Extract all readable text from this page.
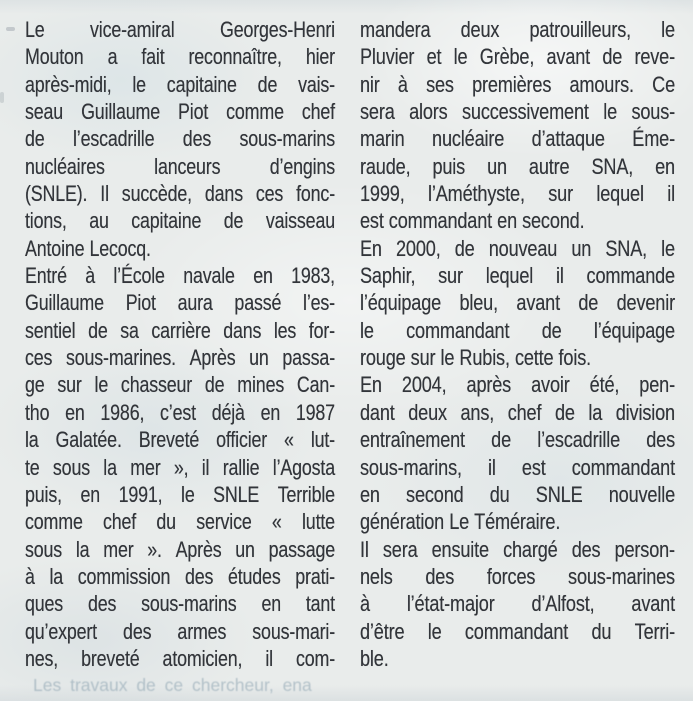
Le vice-amiral Georges-Henri
Mouton a fait reconnaître, hier
après-midi, le capitaine de vais-
seau Guillaume Piot comme chef
de l’escadrille des sous-marins
nucléaires lanceurs d’engins
(SNLE). Il succède, dans ces fonc-
tions, au capitaine de vaisseau
Antoine Lecocq.
Entré à l’École navale en 1983,
Guillaume Piot aura passé l’es-
sentiel de sa carrière dans les for-
ces sous-marines. Après un passa-
ge sur le chasseur de mines Can-
tho en 1986, c’est déjà en 1987
la Galatée. Breveté officier « lut-
te sous la mer », il rallie l’Agosta
puis, en 1991, le SNLE Terrible
comme chef du service « lutte
sous la mer ». Après un passage
à la commission des études prati-
ques des sous-marins en tant
qu’expert des armes sous-mari-
nes, breveté atomicien, il com-
mandera deux patrouilleurs, le
Pluvier et le Grèbe, avant de reve-
nir à ses premières amours. Ce
sera alors successivement le sous-
marin nucléaire d’attaque Éme-
raude, puis un autre SNA, en
1999, l’Améthyste, sur lequel il
est commandant en second.
En 2000, de nouveau un SNA, le
Saphir, sur lequel il commande
l’équipage bleu, avant de devenir
le commandant de l’équipage
rouge sur le Rubis, cette fois.
En 2004, après avoir été, pen-
dant deux ans, chef de la division
entraînement de l’escadrille des
sous-marins, il est commandant
en second du SNLE nouvelle
génération Le Téméraire.
Il sera ensuite chargé des person-
nels des forces sous-marines
à l’état-major d’Alfost, avant
d’être le commandant du Terri-
ble.
Les travaux de ce chercheur, ena
